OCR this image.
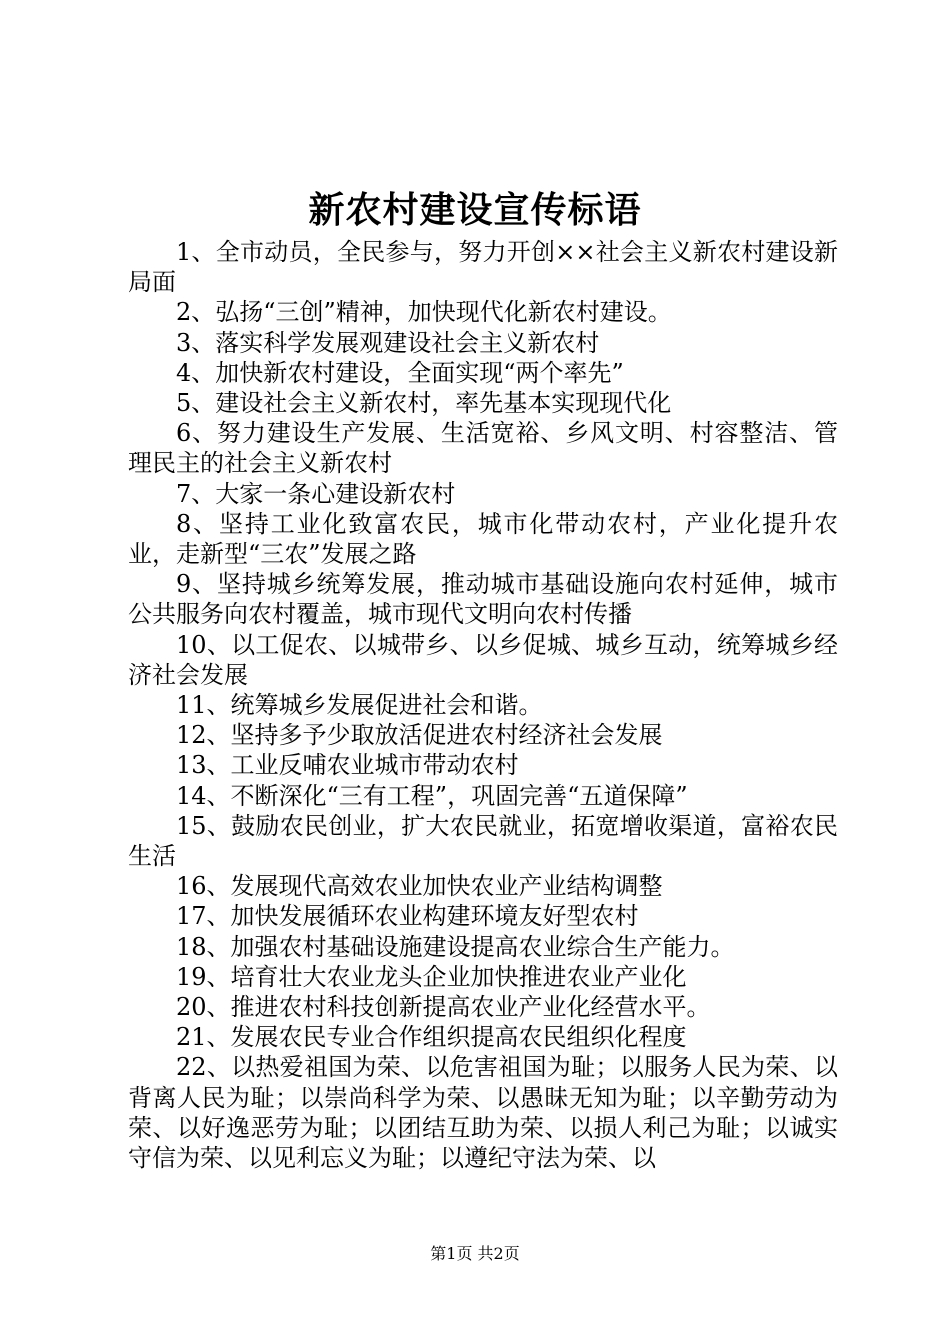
新农村建设宣传标语

1、全市动员，全民参与，努力开创××社会主义新农村建设新局面

2、弘扬“三创”精神，加快现代化新农村建设。

3、落实科学发展观建设社会主义新农村

4、加快新农村建设，全面实现“两个率先”

5、建设社会主义新农村，率先基本实现现代化

6、努力建设生产发展、生活宽裕、乡风文明、村容整洁、管理民主的社会主义新农村

7、大家一条心建设新农村

8、坚持工业化致富农民，城市化带动农村，产业化提升农业，走新型“三农”发展之路

9、坚持城乡统筹发展，推动城市基础设施向农村延伸，城市公共服务向农村覆盖，城市现代文明向农村传播

10、以工促农、以城带乡、以乡促城、城乡互动，统筹城乡经济社会发展

11、统筹城乡发展促进社会和谐。

12、坚持多予少取放活促进农村经济社会发展

13、工业反哺农业城市带动农村

14、不断深化“三有工程”，巩固完善“五道保障”

15、鼓励农民创业，扩大农民就业，拓宽增收渠道，富裕农民生活

16、发展现代高效农业加快农业产业结构调整

17、加快发展循环农业构建环境友好型农村

18、加强农村基础设施建设提高农业综合生产能力。

19、培育壮大农业龙头企业加快推进农业产业化

20、推进农村科技创新提高农业产业化经营水平。

21、发展农民专业合作组织提高农民组织化程度

22、以热爱祖国为荣、以危害祖国为耻；以服务人民为荣、以背离人民为耻；以崇尚科学为荣、以愚昧无知为耻；以辛勤劳动为荣、以好逸恶劳为耻；以团结互助为荣、以损人利己为耻；以诚实守信为荣、以见利忘义为耻；以遵纪守法为荣、以

第1页 共2页
